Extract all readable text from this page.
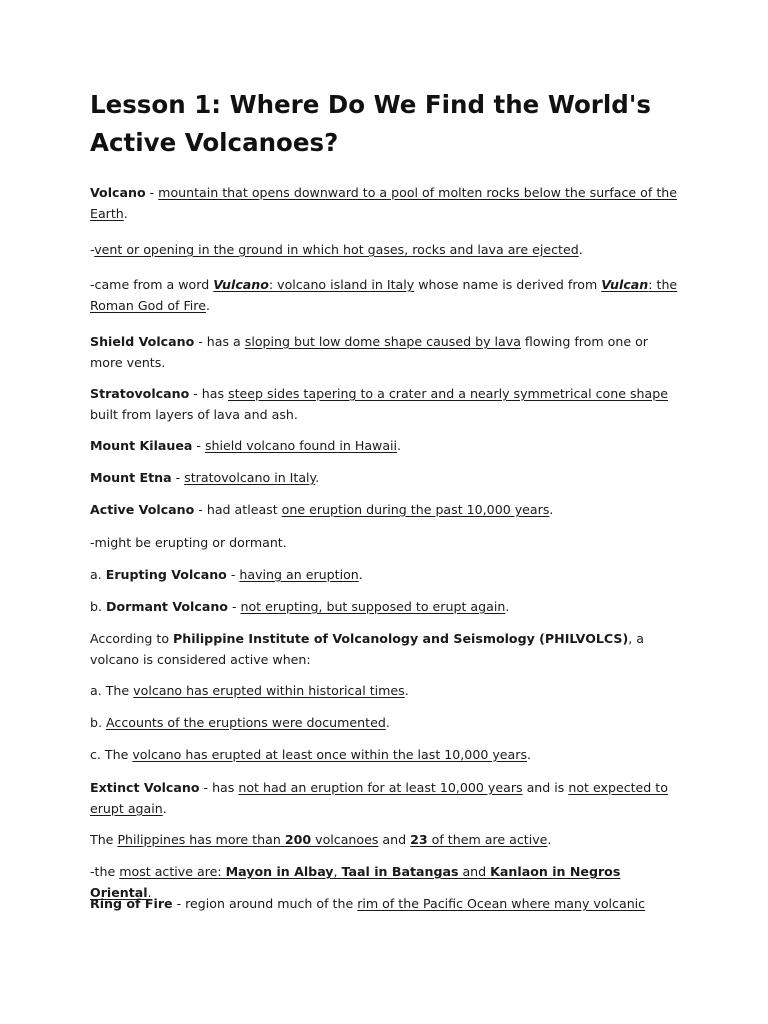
Lesson 1: Where Do We Find the World's Active Volcanoes?

Volcano - mountain that opens downward to a pool of molten rocks below the surface of the Earth.

-vent or opening in the ground in which hot gases, rocks and lava are ejected.

-came from a word Vulcano: volcano island in Italy whose name is derived from Vulcan: the Roman God of Fire.

Shield Volcano - has a sloping but low dome shape caused by lava flowing from one or more vents.

Stratovolcano - has steep sides tapering to a crater and a nearly symmetrical cone shape built from layers of lava and ash.

Mount Kilauea - shield volcano found in Hawaii.

Mount Etna - stratovolcano in Italy.

Active Volcano - had atleast one eruption during the past 10,000 years.

-might be erupting or dormant.

a. Erupting Volcano - having an eruption.

b. Dormant Volcano - not erupting, but supposed to erupt again.

According to Philippine Institute of Volcanology and Seismology (PHILVOLCS), a volcano is considered active when:

a. The volcano has erupted within historical times.

b. Accounts of the eruptions were documented.

c. The volcano has erupted at least once within the last 10,000 years.

Extinct Volcano - has not had an eruption for at least 10,000 years and is not expected to erupt again.

The Philippines has more than 200 volcanoes and 23 of them are active.

-the most active are: Mayon in Albay, Taal in Batangas and Kanlaon in Negros Oriental.

Ring of Fire - region around much of the rim of the Pacific Ocean where many volcanic
